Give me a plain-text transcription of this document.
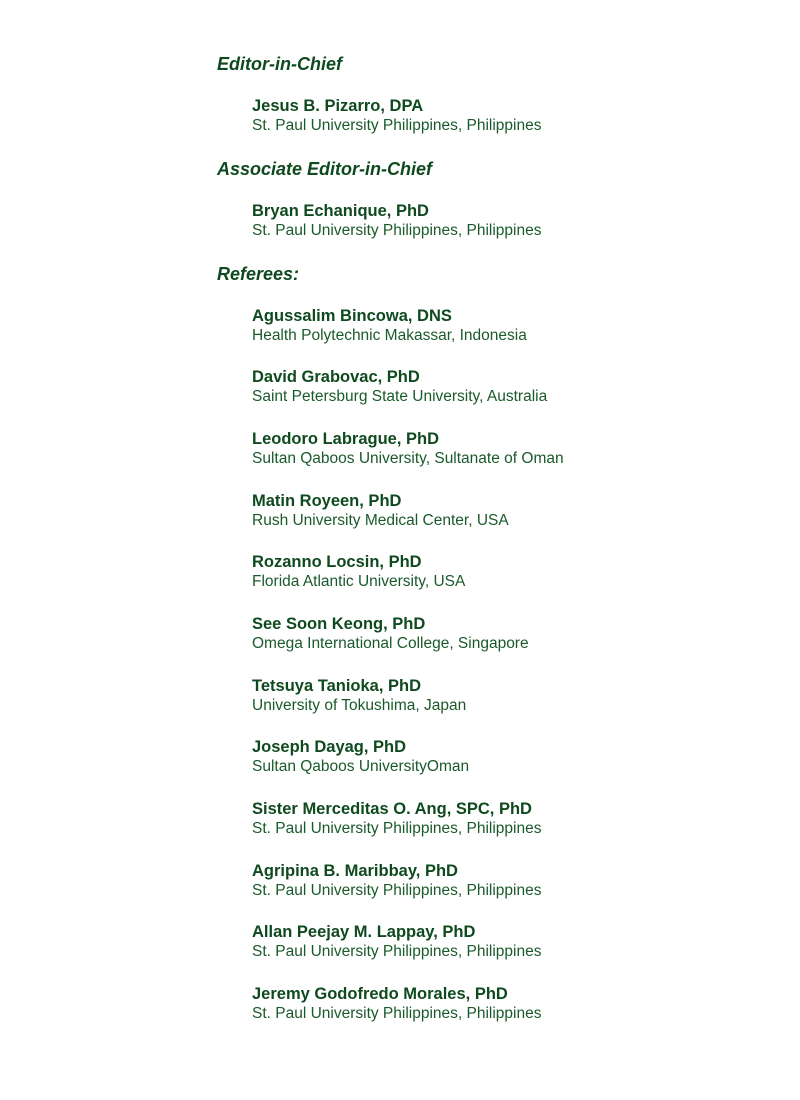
Editor-in-Chief
Jesus B. Pizarro, DPA
St. Paul University Philippines, Philippines
Associate Editor-in-Chief
Bryan Echanique, PhD
St. Paul University Philippines, Philippines
Referees:
Agussalim Bincowa, DNS
Health Polytechnic Makassar, Indonesia
David Grabovac, PhD
Saint Petersburg State University, Australia
Leodoro Labrague, PhD
Sultan Qaboos University, Sultanate of Oman
Matin Royeen, PhD
Rush University Medical Center, USA
Rozanno Locsin, PhD
Florida Atlantic University, USA
See Soon Keong, PhD
Omega International College, Singapore
Tetsuya Tanioka, PhD
University of Tokushima, Japan
Joseph Dayag, PhD
Sultan Qaboos UniversityOman
Sister Merceditas O. Ang, SPC, PhD
St. Paul University Philippines, Philippines
Agripina B. Maribbay, PhD
St. Paul University Philippines, Philippines
Allan Peejay M. Lappay, PhD
St. Paul University Philippines, Philippines
Jeremy Godofredo Morales, PhD
St. Paul University Philippines, Philippines
